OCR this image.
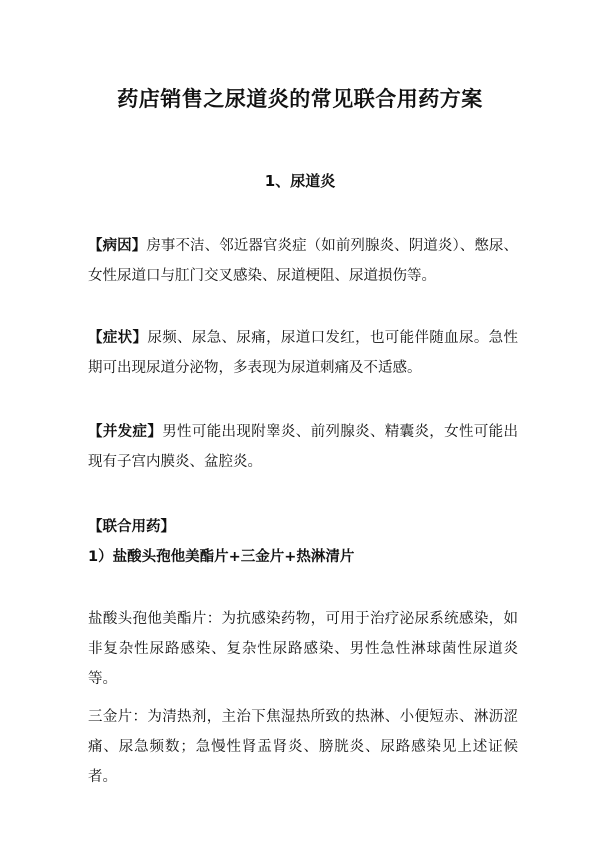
药店销售之尿道炎的常见联合用药方案
1、尿道炎

【病因】房事不洁、邻近器官炎症（如前列腺炎、阴道炎）、憋尿、女性尿道口与肛门交叉感染、尿道梗阻、尿道损伤等。

【症状】尿频、尿急、尿痛，尿道口发红，也可能伴随血尿。急性期可出现尿道分泌物，多表现为尿道刺痛及不适感。

【并发症】男性可能出现附睾炎、前列腺炎、精囊炎，女性可能出现有子宫内膜炎、盆腔炎。

【联合用药】
1）盐酸头孢他美酯片+三金片+热淋清片

盐酸头孢他美酯片：为抗感染药物，可用于治疗泌尿系统感染，如非复杂性尿路感染、复杂性尿路感染、男性急性淋球菌性尿道炎等。

三金片：为清热剂，主治下焦湿热所致的热淋、小便短赤、淋沥涩痛、尿急频数；急慢性肾盂肾炎、膀胱炎、尿路感染见上述证候者。
